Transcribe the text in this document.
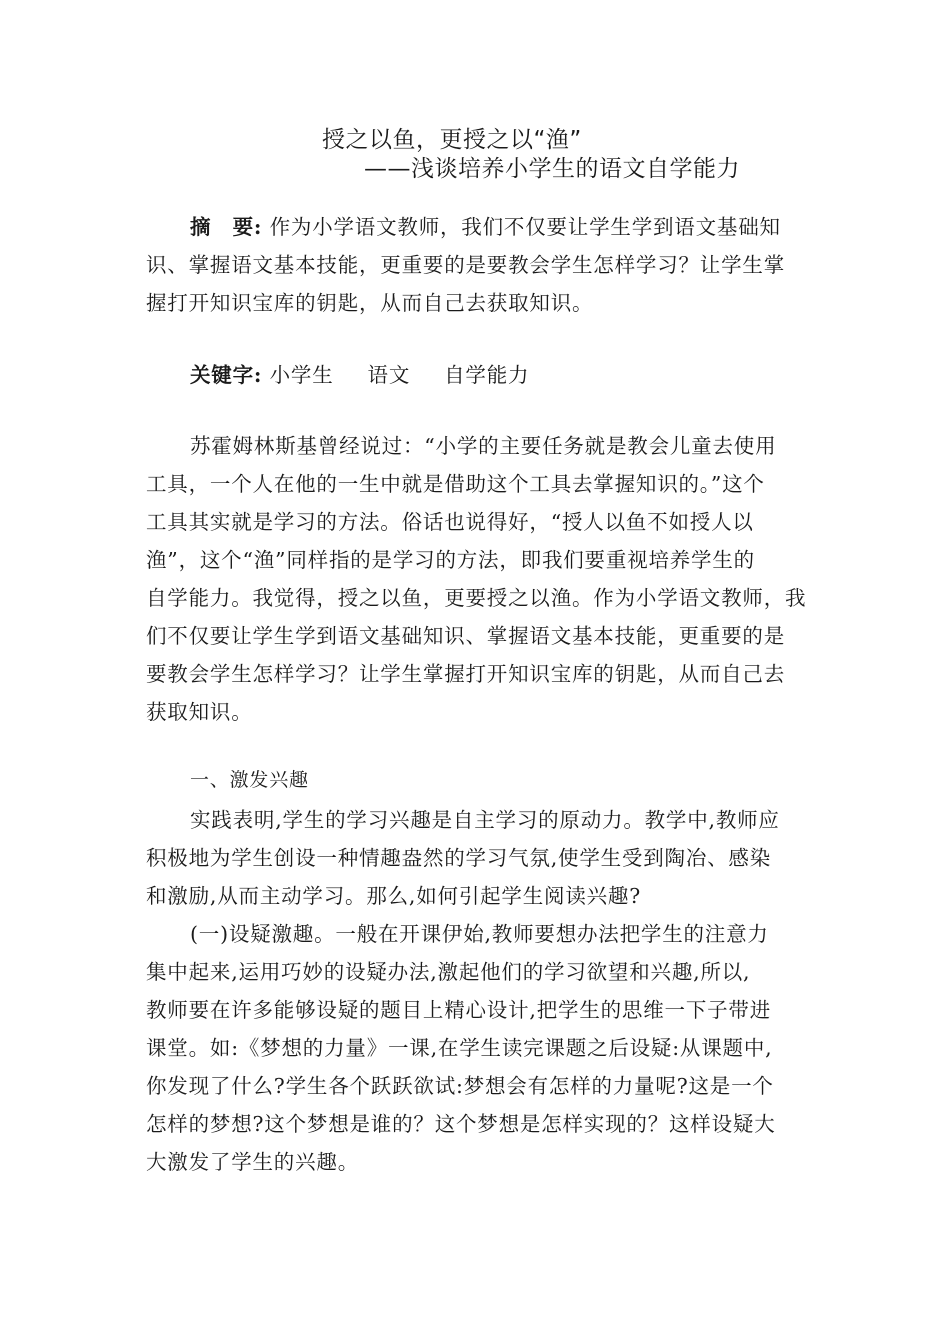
授之以鱼，更授之以“渔”
——浅谈培养小学生的语文自学能力
摘　要: 作为小学语文教师，我们不仅要让学生学到语文基础知
识、掌握语文基本技能，更重要的是要教会学生怎样学习？让学生掌
握打开知识宝库的钥匙，从而自己去获取知识。
关键字: 小学生 语文 自学能力
苏霍姆林斯基曾经说过：“小学的主要任务就是教会儿童去使用
工具，一个人在他的一生中就是借助这个工具去掌握知识的。”这个
工具其实就是学习的方法。俗话也说得好，“授人以鱼不如授人以
渔”，这个“渔”同样指的是学习的方法，即我们要重视培养学生的
自学能力。我觉得，授之以鱼，更要授之以渔。作为小学语文教师，我
们不仅要让学生学到语文基础知识、掌握语文基本技能，更重要的是
要教会学生怎样学习？让学生掌握打开知识宝库的钥匙，从而自己去
获取知识。
一、激发兴趣
实践表明,学生的学习兴趣是自主学习的原动力。教学中,教师应
积极地为学生创设一种情趣盎然的学习气氛,使学生受到陶冶、感染
和激励,从而主动学习。那么,如何引起学生阅读兴趣?
(一)设疑激趣。一般在开课伊始,教师要想办法把学生的注意力
集中起来,运用巧妙的设疑办法,激起他们的学习欲望和兴趣,所以,
教师要在许多能够设疑的题目上精心设计,把学生的思维一下子带进
课堂。如:《梦想的力量》一课,在学生读完课题之后设疑:从课题中,
你发现了什么?学生各个跃跃欲试:梦想会有怎样的力量呢?这是一个
怎样的梦想?这个梦想是谁的？这个梦想是怎样实现的？这样设疑大
大激发了学生的兴趣。
